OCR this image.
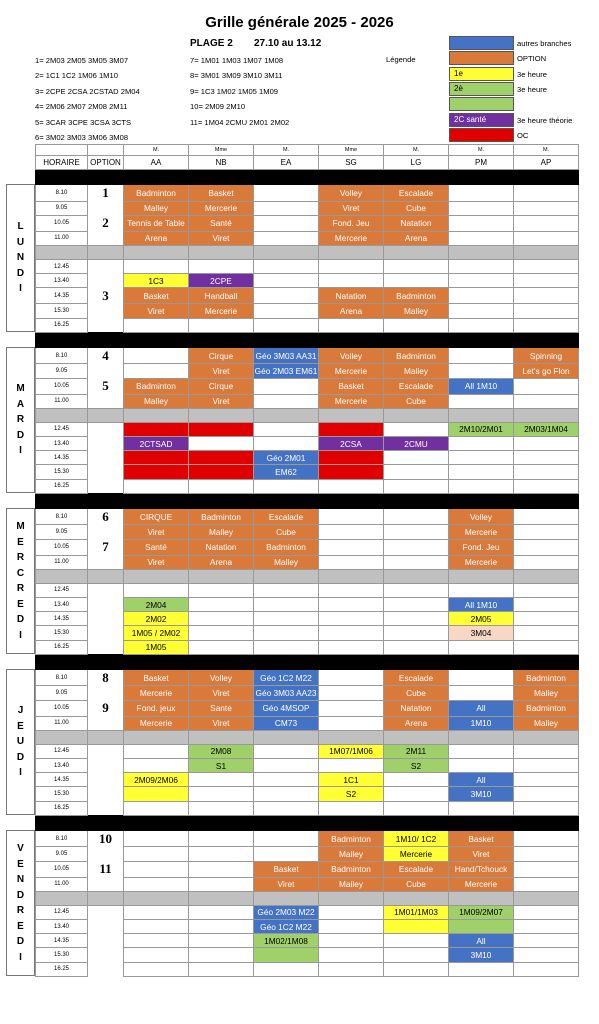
Grille générale 2025 - 2026
PLAGE 2 27.10 au 13.12
1= 2M03 2M05 3M05 3M07
2= 1C1 1C2 1M06 1M10
3= 2CPE 2CSA 2CSTAD 2M04
4= 2M06 2M07 2M08 2M11
5= 3CAR 3CPE 3CSA 3CTS
6= 3M02 3M03 3M06 3M08
7= 1M01 1M03 1M07 1M08
8= 3M01 3M09 3M10 3M11
9= 1C3 1M02 1M05 1M09
10= 2M09 2M10
11= 1M04 2CMU 2M01 2M02
Légende
autres branches
OPTION
1e	3e heure
2è	3e heure
2C santé	3e heure théorie
OC
		M.	Mme	M.	Mme	M.	M.	M.
HORAIRE	OPTION	AA	NB	EA	SG	LG	PM	AP

8.10	1	Badminton	Basket		Volley	Escalade		
9.05		Malley	Mercerie		Viret	Cube		
10.05	2	Tennis de Table	Santé		Fond. Jeu	Natation		
11.00		Arena	Viret		Mercerie	Arena		

12.45								
13.40		1C3	2CPE					
14.35	3	Basket	Handball		Natation	Badminton		
15.30		Viret	Mercerie		Arena	Malley		
16.25								

8.10	4		Cirque	Géo 3M03 AA31	Volley	Badminton		Spinning
9.05			Viret	Géo 2M03 EM61	Mercerie	Malley		Let's go Flon
10.05	5	Badminton	Cirque		Basket	Escalade	All 1M10	
11.00		Malley	Viret		Mercerie	Cube		

12.45							2M10/2M01	2M03/1M04
13.40		2CTSAD			2CSA	2CMU		
14.35				Géo 2M01				
15.30				EM62				
16.25								

8.10	6	CIRQUE	Badminton	Escalade			Volley	
9.05		Viret	Malley	Cube			Mercerie	
10.05	7	Santé	Natation	Badminton			Fond. Jeu	
11.00		Viret	Arena	Malley			Mercerie	

12.45								
13.40		2M04					All 1M10	
14.35		2M02					2M05	
15.30		1M05 / 2M02					3M04	
16.25		1M05						

8.10	8	Basket	Volley	Géo 1C2 M22		Escalade		Badminton
9.05		Mercerie	Viret	Géo 3M03 AA23		Cube		Malley
10.05	9	Fond. jeux	Sante	Géo 4MSOP		Natation	All	Badminton
11.00		Mercerie	Viret	CM73		Arena	1M10	Malley

12.45			2M08		1M07/1M06	2M11		
13.40			S1			S2		
14.35		2M09/2M06			1C1		All	
15.30					S2		3M10	
16.25								

8.10	10				Badminton	1M10/ 1C2	Basket	
9.05					Malley	Mercerie	Viret	
10.05	11			Basket	Badminton	Escalade	Hand/Tchouck	
11.00				Viret	Malley	Cube	Mercerie	

12.45				Géo 2M03 M22		1M01/1M03	1M09/2M07	
13.40				Géo 1C2 M22				
14.35				1M02/1M08			All	
15.30							3M10	
16.25								
L
U
N
D
I
M
A
R
D
I
M
E
R
C
R
E
D
I
J
E
U
D
I
V
E
N
D
R
E
D
I
